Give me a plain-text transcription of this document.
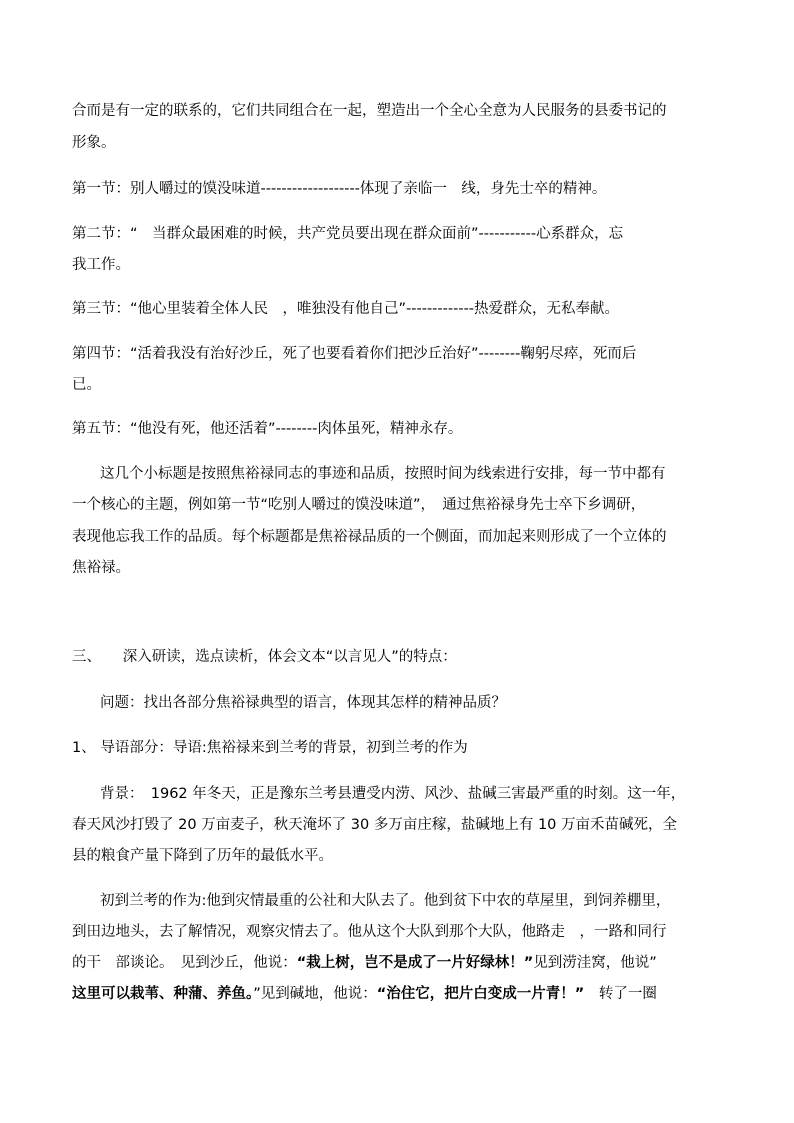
合而是有一定的联系的，它们共同组合在一起，塑造出一个全心全意为人民服务的县委书记的
形象。
第一节：别人嚼过的馍没味道-------------------体现了亲临一　线，身先士卒的精神。
第二节：“　当群众最困难的时候，共产党员要出现在群众面前”-----------心系群众，忘
我工作。
第三节：“他心里装着全体人民　，唯独没有他自己”-------------热爱群众，无私奉献。
第四节：“活着我没有治好沙丘，死了也要看着你们把沙丘治好”--------鞠躬尽瘁，死而后
已。
第五节：“他没有死，他还活着”--------肉体虽死，精神永存。
这几个小标题是按照焦裕禄同志的事迹和品质，按照时间为线索进行安排，每一节中都有
一个核心的主题，例如第一节“吃别人嚼过的馍没味道”，　通过焦裕禄身先士卒下乡调研，
表现他忘我工作的品质。每个标题都是焦裕禄品质的一个侧面，而加起来则形成了一个立体的
焦裕禄。
三、　　深入研读，选点读析，体会文本“以言见人”的特点：
问题：找出各部分焦裕禄典型的语言，体现其怎样的精神品质？
1、 导语部分：导语:焦裕禄来到兰考的背景，初到兰考的作为
背景：　1962 年冬天，正是豫东兰考县遭受内涝、风沙、盐碱三害最严重的时刻。这一年，
春天风沙打毁了 20 万亩麦子，秋天淹坏了 30 多万亩庄稼，盐碱地上有 10 万亩禾苗碱死，全
县的粮食产量下降到了历年的最低水平。
初到兰考的作为:他到灾情最重的公社和大队去了。他到贫下中农的草屋里，到饲养棚里，
到田边地头，去了解情况，观察灾情去了。他从这个大队到那个大队，他路走　，一路和同行
的干　部谈论。　见到沙丘，他说：“栽上树，岂不是成了一片好绿林！”见到涝洼窝，他说”
这里可以栽苇、种蒲、养鱼。”见到碱地，他说：“治住它，把片白变成一片青！”　转了一圈
